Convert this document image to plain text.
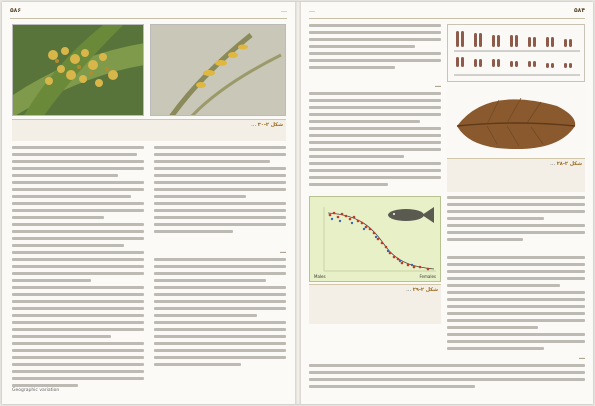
۵۸۶	…
شکل ۲-۳۰ …
…
Geographic variation
…	۵۸۴
…
شکل ۲-۲۸ …
Males	Females
شکل ۲-۲۹ …
…
